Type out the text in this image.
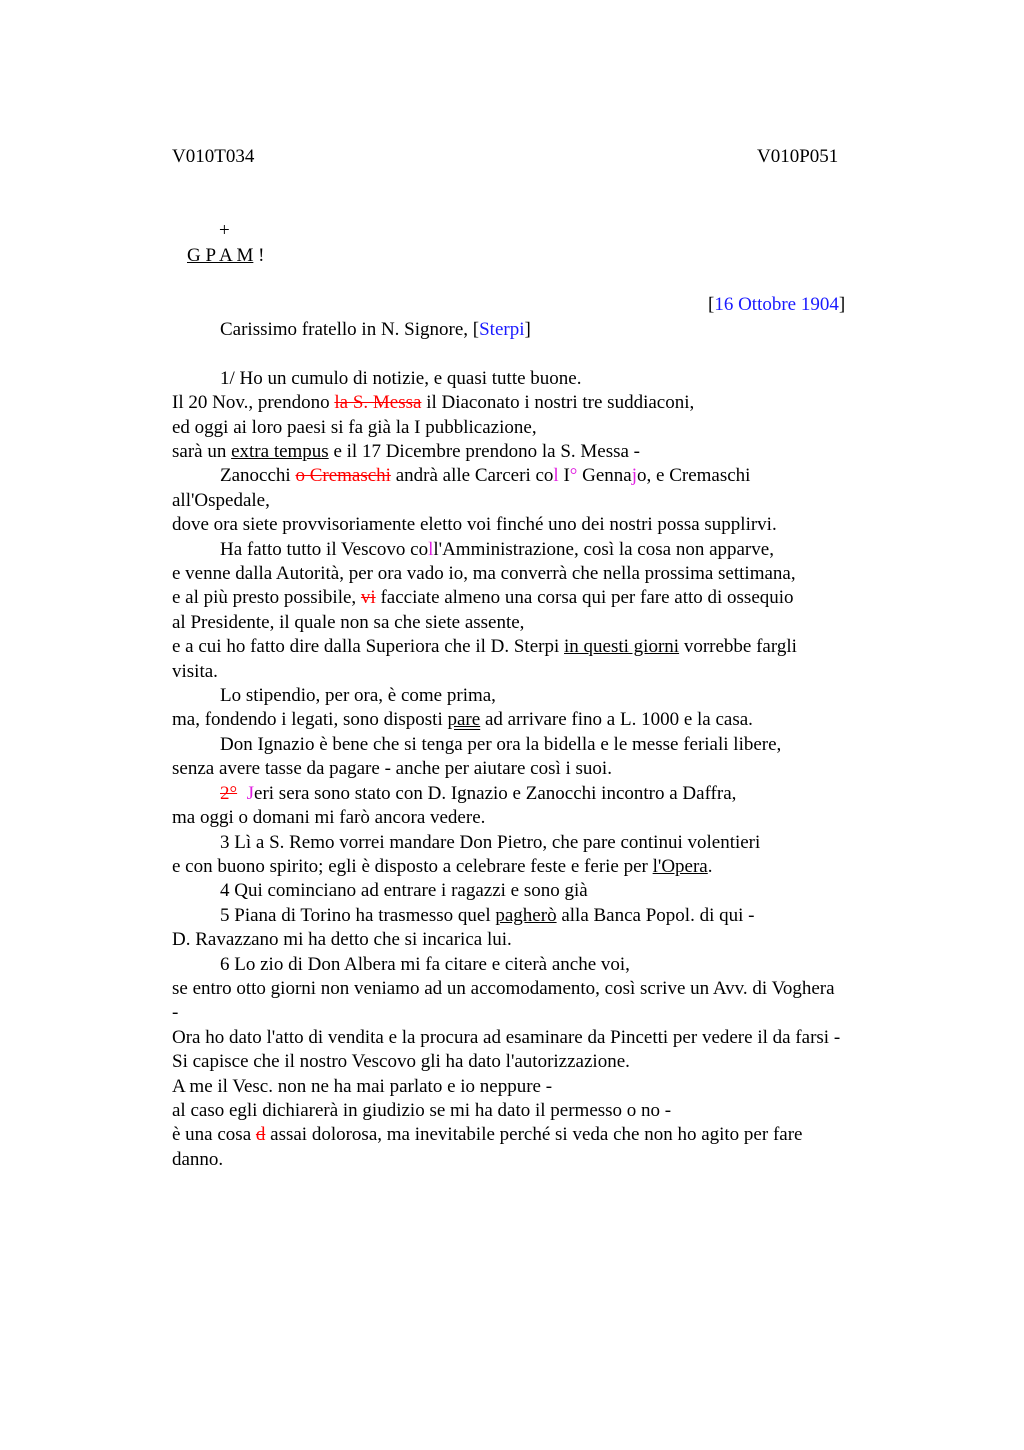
V010T034	V010P051
+
G P A M !
[16 Ottobre 1904]
Carissimo fratello in N. Signore, [Sterpi]
1/ Ho un cumulo di notizie, e quasi tutte buone.
Il 20 Nov., prendono la S. Messa il Diaconato i nostri tre suddiaconi,
ed oggi ai loro paesi si fa già la I pubblicazione,
sarà un extra tempus e il 17 Dicembre prendono la S. Messa -
Zanocchi o Cremaschi andrà alle Carceri col I° Gennajo, e Cremaschi
all'Ospedale,
dove ora siete provvisoriamente eletto voi finché uno dei nostri possa supplirvi.
Ha fatto tutto il Vescovo coll'Amministrazione, così la cosa non apparve,
e venne dalla Autorità, per ora vado io, ma converrà che nella prossima settimana,
e al più presto possibile, vi facciate almeno una corsa qui per fare atto di ossequio
al Presidente, il quale non sa che siete assente,
e a cui ho fatto dire dalla Superiora che il D. Sterpi in questi giorni vorrebbe fargli
visita.
Lo stipendio, per ora, è come prima,
ma, fondendo i legati, sono disposti pare ad arrivare fino a L. 1000 e la casa.
Don Ignazio è bene che si tenga per ora la bidella e le messe feriali libere,
senza avere tasse da pagare - anche per aiutare così i suoi.
2° Jeri sera sono stato con D. Ignazio e Zanocchi incontro a Daffra,
ma oggi o domani mi farò ancora vedere.
3 Lì a S. Remo vorrei mandare Don Pietro, che pare continui volentieri
e con buono spirito; egli è disposto a celebrare feste e ferie per l'Opera.
4 Qui cominciano ad entrare i ragazzi e sono già
5 Piana di Torino ha trasmesso quel pagherò alla Banca Popol. di qui -
D. Ravazzano mi ha detto che si incarica lui.
6 Lo zio di Don Albera mi fa citare e citerà anche voi,
se entro otto giorni non veniamo ad un accomodamento, così scrive un Avv. di Voghera
-
Ora ho dato l'atto di vendita e la procura ad esaminare da Pincetti per vedere il da farsi -
Si capisce che il nostro Vescovo gli ha dato l'autorizzazione.
A me il Vesc. non ne ha mai parlato e io neppure -
al caso egli dichiarerà in giudizio se mi ha dato il permesso o no -
è una cosa d assai dolorosa, ma inevitabile perché si veda che non ho agito per fare
danno.
